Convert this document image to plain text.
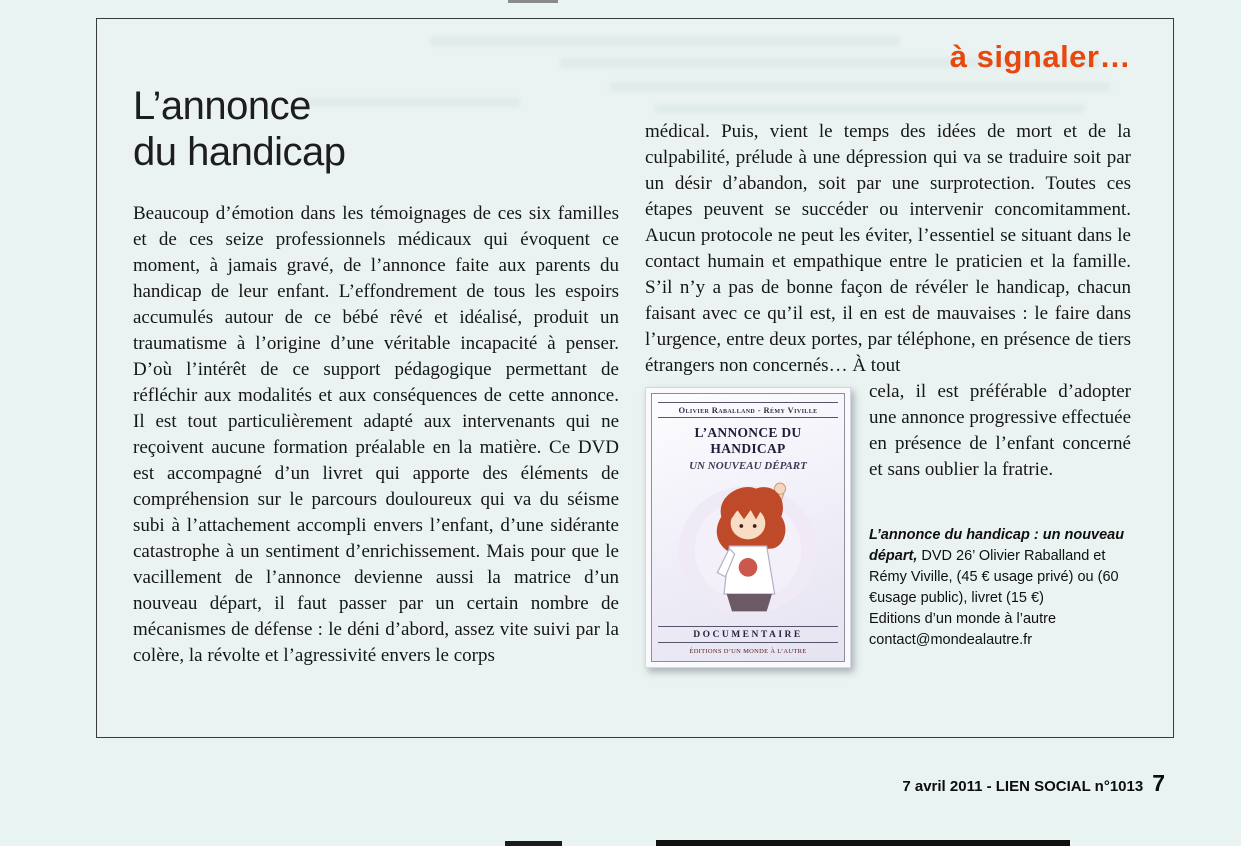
à signaler…
L’annonce
du handicap

Beaucoup d’émotion dans les témoignages de ces six familles et de ces seize professionnels médicaux qui évoquent ce moment, à jamais gravé, de l’annonce faite aux parents du handicap de leur enfant. L’effondrement de tous les espoirs accumulés autour de ce bébé rêvé et idéalisé, produit un traumatisme à l’origine d’une véritable incapacité à penser. D’où l’intérêt de ce support pédagogique permettant de réfléchir aux modalités et aux conséquences de cette annonce. Il est tout particulièrement adapté aux intervenants qui ne reçoivent aucune formation préalable en la matière. Ce DVD est accompagné d’un livret qui apporte des éléments de compréhension sur le parcours douloureux qui va du séisme subi à l’attachement accompli envers l’enfant, d’une sidérante catastrophe à un sentiment d’enrichissement. Mais pour que le vacillement de l’annonce devienne aussi la matrice d’un nouveau départ, il faut passer par un certain nombre de mécanismes de défense : le déni d’abord, assez vite suivi par la colère, la révolte et l’agressivité envers le corps

médical. Puis, vient le temps des idées de mort et de la culpabilité, prélude à une dépression qui va se traduire soit par un désir d’abandon, soit par une surprotection. Toutes ces étapes peuvent se succéder ou intervenir concomitamment. Aucun protocole ne peut les éviter, l’essentiel se situant dans le contact humain et empathique entre le praticien et la famille. S’il n’y a pas de bonne façon de révéler le handicap, chacun faisant avec ce qu’il est, il en est de mauvaises : le faire dans l’urgence, entre deux portes, par téléphone, en présence de tiers étrangers non concernés… À tout

Olivier Raballand - Rémy Viville
L’ANNONCE DU HANDICAP
UN NOUVEAU DÉPART
DOCUMENTAIRE
ÉDITIONS D’UN MONDE À L’AUTRE

cela, il est préférable d’adopter une annonce progressive effectuée en présence de l’enfant concerné et sans oublier la fratrie.

L’annonce du handicap : un nouveau départ, DVD 26’ Olivier Raballand et Rémy Viville, (45 € usage privé) ou (60 €usage public), livret (15 €)
Editions d’un monde à l’autre
contact@mondealautre.fr

7 avril 2011 - LIEN SOCIAL n°1013 7
